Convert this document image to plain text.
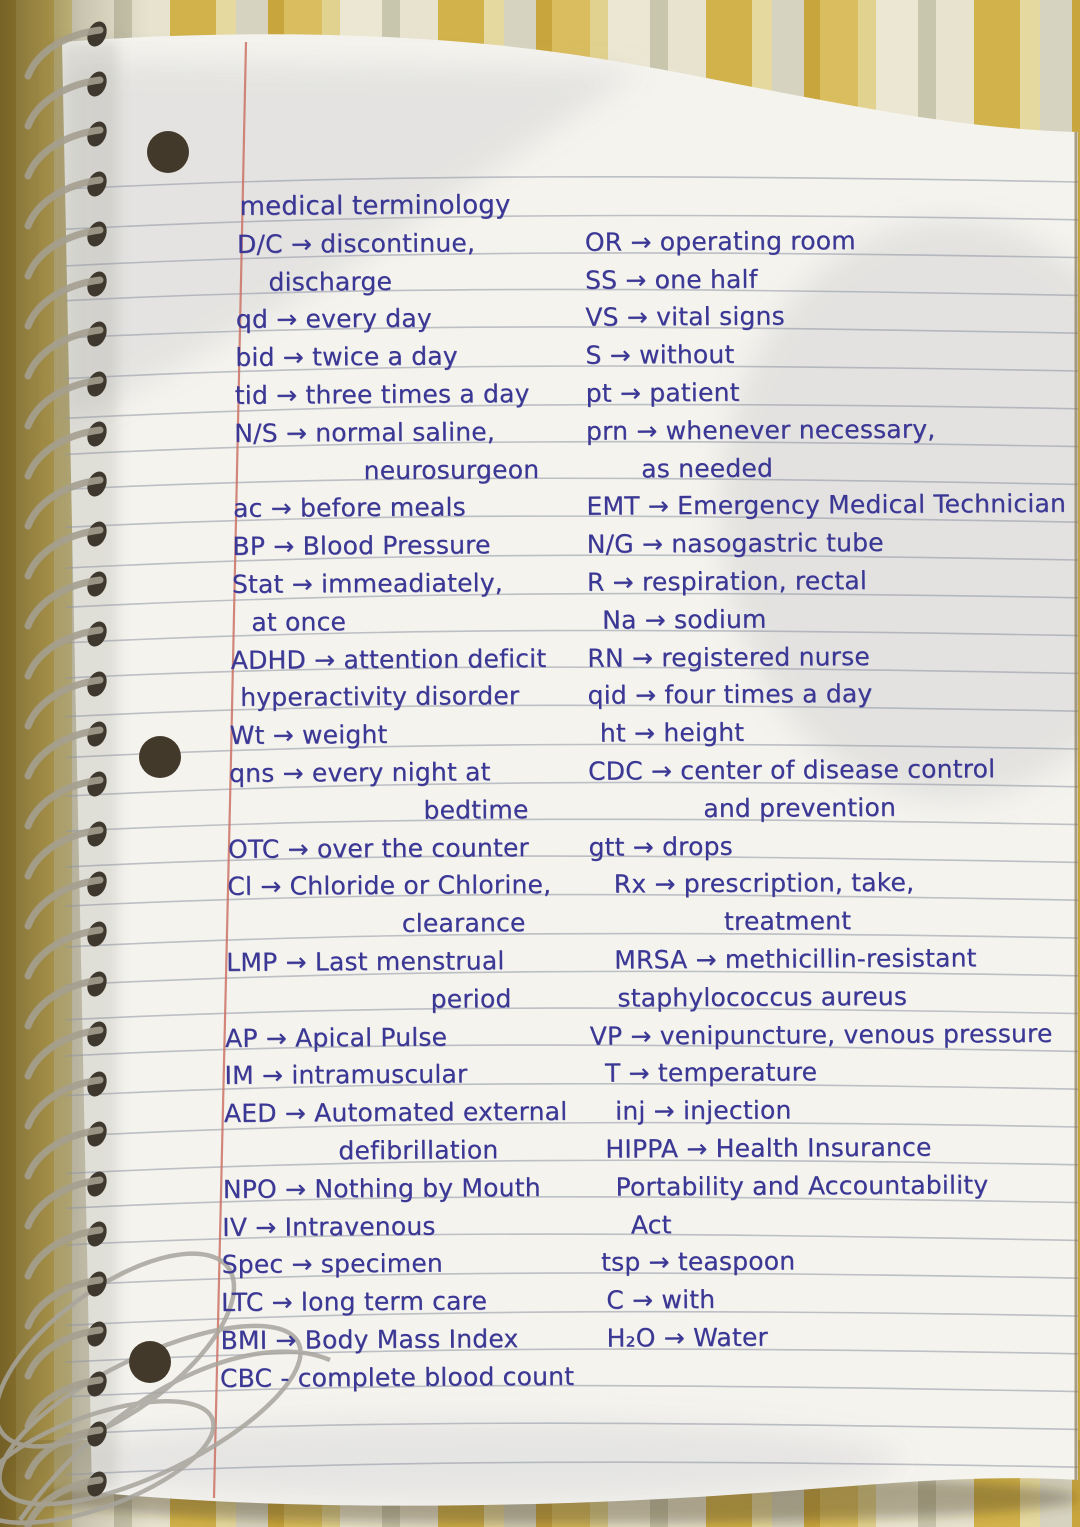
medical terminology
D/C → discontinue,	OR → operating room
discharge	SS → one half
qd → every day	VS → vital signs
bid → twice a day	S → without
tid → three times a day pt → patient
N/S → normal saline,	prn → whenever necessary,
neurosurgeon	as needed
ac → before meals	EMT → Emergency Medical Technician
BP → Blood Pressure	N/G → nasogastric tube
Stat → immeadiately,	R → respiration, rectal
at once	Na → sodium
ADHD → attention deficit RN → registered nurse
hyperactivity disorder	qid → four times a day
Wt → weight	ht → height
qns → every night at	CDC → center of disease control
bedtime	and prevention
OTC → over the counter gtt → drops
Cl → Chloride or Chlorine, Rx → prescription, take,
clearance	treatment
LMP → Last menstrual	MRSA → methicillin-resistant
period	staphylococcus aureus
AP → Apical Pulse	VP → venipuncture, venous pressure
IM → intramuscular	T → temperature
AED → Automated external inj → injection
defibrillation	HIPPA → Health Insurance
NPO → Nothing by Mouth	Portability and Accountability
IV → Intravenous	Act
Spec → specimen	tsp → teaspoon
LTC → long term care	C → with
BMI → Body Mass Index	H₂O → Water
CBC - complete blood count
